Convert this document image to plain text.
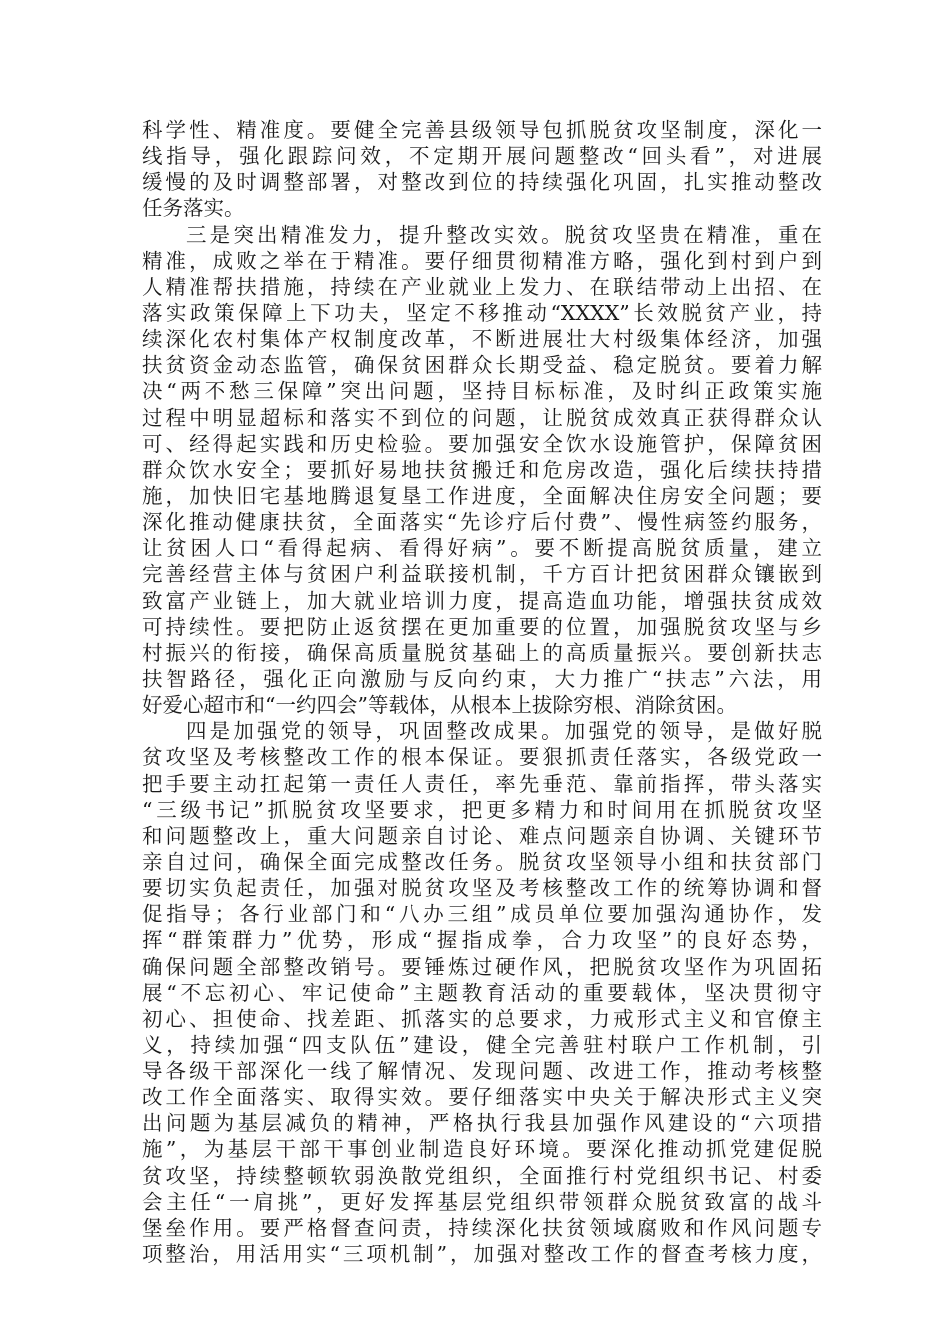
科学性、精准度。要健全完善县级领导包抓脱贫攻坚制度，深化一
线指导，强化跟踪问效，不定期开展问题整改“回头看”，对进展
缓慢的及时调整部署，对整改到位的持续强化巩固，扎实推动整改
任务落实。
三是突出精准发力，提升整改实效。脱贫攻坚贵在精准，重在
精准，成败之举在于精准。要仔细贯彻精准方略，强化到村到户到
人精准帮扶措施，持续在产业就业上发力、在联结带动上出招、在
落实政策保障上下功夫，坚定不移推动“XXXX”长效脱贫产业，持
续深化农村集体产权制度改革，不断进展壮大村级集体经济，加强
扶贫资金动态监管，确保贫困群众长期受益、稳定脱贫。要着力解
决“两不愁三保障”突出问题，坚持目标标准，及时纠正政策实施
过程中明显超标和落实不到位的问题，让脱贫成效真正获得群众认
可、经得起实践和历史检验。要加强安全饮水设施管护，保障贫困
群众饮水安全；要抓好易地扶贫搬迁和危房改造，强化后续扶持措
施，加快旧宅基地腾退复垦工作进度，全面解决住房安全问题；要
深化推动健康扶贫，全面落实“先诊疗后付费”、慢性病签约服务，
让贫困人口“看得起病、看得好病”。要不断提高脱贫质量，建立
完善经营主体与贫困户利益联接机制，千方百计把贫困群众镶嵌到
致富产业链上，加大就业培训力度，提高造血功能，增强扶贫成效
可持续性。要把防止返贫摆在更加重要的位置，加强脱贫攻坚与乡
村振兴的衔接，确保高质量脱贫基础上的高质量振兴。要创新扶志
扶智路径，强化正向激励与反向约束，大力推广“扶志”六法，用
好爱心超市和“一约四会”等载体，从根本上拔除穷根、消除贫困。
四是加强党的领导，巩固整改成果。加强党的领导，是做好脱
贫攻坚及考核整改工作的根本保证。要狠抓责任落实，各级党政一
把手要主动扛起第一责任人责任，率先垂范、靠前指挥，带头落实
“三级书记”抓脱贫攻坚要求，把更多精力和时间用在抓脱贫攻坚
和问题整改上，重大问题亲自讨论、难点问题亲自协调、关键环节
亲自过问，确保全面完成整改任务。脱贫攻坚领导小组和扶贫部门
要切实负起责任，加强对脱贫攻坚及考核整改工作的统筹协调和督
促指导；各行业部门和“八办三组”成员单位要加强沟通协作，发
挥“群策群力”优势，形成“握指成拳，合力攻坚”的良好态势，
确保问题全部整改销号。要锤炼过硬作风，把脱贫攻坚作为巩固拓
展“不忘初心、牢记使命”主题教育活动的重要载体，坚决贯彻守
初心、担使命、找差距、抓落实的总要求，力戒形式主义和官僚主
义，持续加强“四支队伍”建设，健全完善驻村联户工作机制，引
导各级干部深化一线了解情况、发现问题、改进工作，推动考核整
改工作全面落实、取得实效。要仔细落实中央关于解决形式主义突
出问题为基层减负的精神，严格执行我县加强作风建设的“六项措
施”，为基层干部干事创业制造良好环境。要深化推动抓党建促脱
贫攻坚，持续整顿软弱涣散党组织，全面推行村党组织书记、村委
会主任“一肩挑”，更好发挥基层党组织带领群众脱贫致富的战斗
堡垒作用。要严格督查问责，持续深化扶贫领域腐败和作风问题专
项整治，用活用实“三项机制”，加强对整改工作的督查考核力度，
